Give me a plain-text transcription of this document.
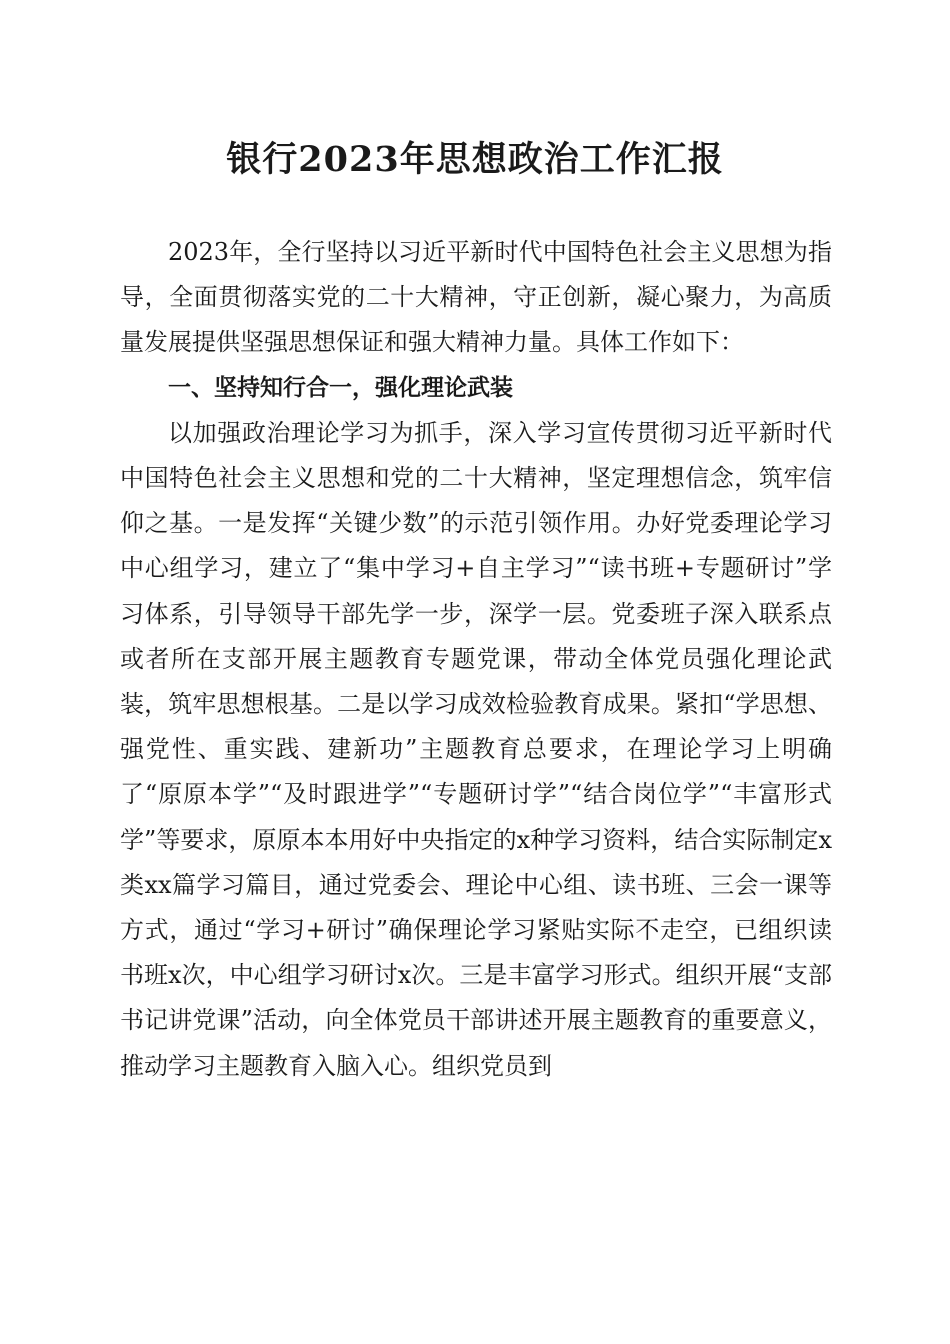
银行2023年思想政治工作汇报

2023年，全行坚持以习近平新时代中国特色社会主义思想为指导，全面贯彻落实党的二十大精神，守正创新，凝心聚力，为高质量发展提供坚强思想保证和强大精神力量。具体工作如下：

一、坚持知行合一，强化理论武装

以加强政治理论学习为抓手，深入学习宣传贯彻习近平新时代中国特色社会主义思想和党的二十大精神，坚定理想信念，筑牢信仰之基。一是发挥“关键少数”的示范引领作用。办好党委理论学习中心组学习，建立了“集中学习+自主学习”“读书班+专题研讨”学习体系，引导领导干部先学一步，深学一层。党委班子深入联系点或者所在支部开展主题教育专题党课，带动全体党员强化理论武装，筑牢思想根基。二是以学习成效检验教育成果。紧扣“学思想、强党性、重实践、建新功”主题教育总要求，在理论学习上明确了“原原本学”“及时跟进学”“专题研讨学”“结合岗位学”“丰富形式学”等要求，原原本本用好中央指定的x种学习资料，结合实际制定x类xx篇学习篇目，通过党委会、理论中心组、读书班、三会一课等方式，通过“学习+研讨”确保理论学习紧贴实际不走空，已组织读书班x次，中心组学习研讨x次。三是丰富学习形式。组织开展“支部书记讲党课”活动，向全体党员干部讲述开展主题教育的重要意义，推动学习主题教育入脑入心。组织党员到
